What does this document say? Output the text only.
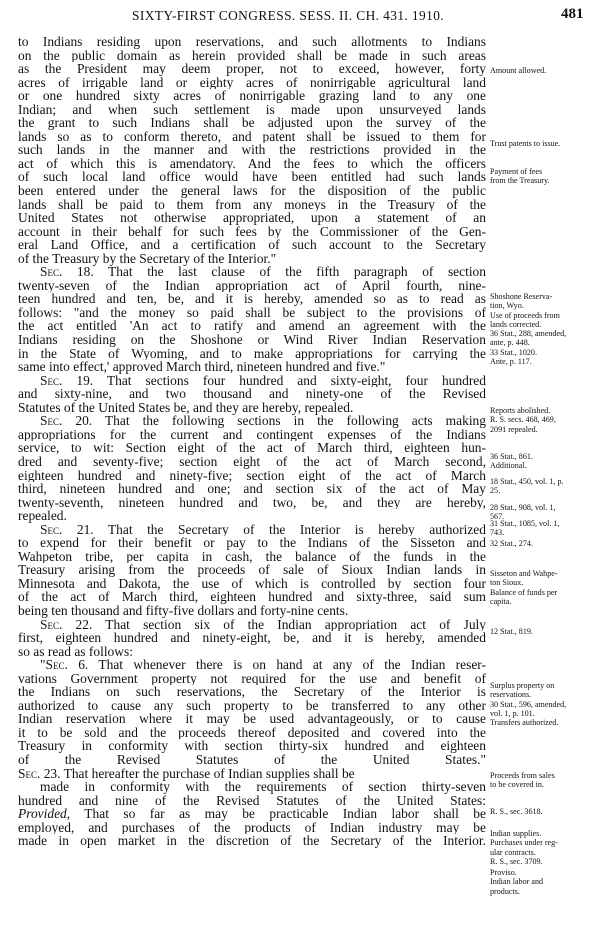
SIXTY-FIRST CONGRESS. SESS. II. CH. 431. 1910.	481
to Indians residing upon reservations, and such allotments to Indians
on the public domain as herein provided shall be made in such areas
as the President may deem proper, not to exceed, however, forty
acres of irrigable land or eighty acres of nonirrigable agricultural land
or one hundred sixty acres of nonirrigable grazing land to any one
Indian; and when such settlement is made upon unsurveyed lands
the grant to such Indians shall be adjusted upon the survey of the
lands so as to conform thereto, and patent shall be issued to them for
such lands in the manner and with the restrictions provided in the
act of which this is amendatory. And the fees to which the officers
of such local land office would have been entitled had such lands
been entered under the general laws for the disposition of the public
lands shall be paid to them from any moneys in the Treasury of the
United States not otherwise appropriated, upon a statement of an
account in their behalf for such fees by the Commissioner of the Gen-
eral Land Office, and a certification of such account to the Secretary
of the Treasury by the Secretary of the Interior."
Sec. 18. That the last clause of the fifth paragraph of section
twenty-seven of the Indian appropriation act of April fourth, nine-
teen hundred and ten, be, and it is hereby, amended so as to read as
follows: "and the money so paid shall be subject to the provisions of
the act entitled 'An act to ratify and amend an agreement with the
Indians residing on the Shoshone or Wind River Indian Reservation
in the State of Wyoming, and to make appropriations for carrying the
same into effect,' approved March third, nineteen hundred and five."
Sec. 19. That sections four hundred and sixty-eight, four hundred
and sixty-nine, and two thousand and ninety-one of the Revised
Statutes of the United States be, and they are hereby, repealed.
Sec. 20. That the following sections in the following acts making
appropriations for the current and contingent expenses of the Indians
service, to wit: Section eight of the act of March third, eighteen hun-
dred and seventy-five; section eight of the act of March second,
eighteen hundred and ninety-five; section eight of the act of March
third, nineteen hundred and one; and section six of the act of May
twenty-seventh, nineteen hundred and two, be, and they are hereby,
repealed.
Sec. 21. That the Secretary of the Interior is hereby authorized
to expend for their benefit or pay to the Indians of the Sisseton and
Wahpeton tribe, per capita in cash, the balance of the funds in the
Treasury arising from the proceeds of sale of Sioux Indian lands in
Minnesota and Dakota, the use of which is controlled by section four
of the act of March third, eighteen hundred and sixty-three, said sum
being ten thousand and fifty-five dollars and forty-nine cents.
Sec. 22. That section six of the Indian appropriation act of July
first, eighteen hundred and ninety-eight, be, and it is hereby, amended
so as read as follows:
"Sec. 6. That whenever there is on hand at any of the Indian reser-
vations Government property not required for the use and benefit of
the Indians on such reservations, the Secretary of the Interior is
authorized to cause any such property to be transferred to any other
Indian reservation where it may be used advantageously, or to cause
it to be sold and the proceeds thereof deposited and covered into the
Treasury in conformity with section thirty-six hundred and eighteen
of the Revised Statutes of the United States."
Sec. 23. That hereafter the purchase of Indian supplies shall be
made in conformity with the requirements of section thirty-seven
hundred and nine of the Revised Statutes of the United States:
Provided, That so far as may be practicable Indian labor shall be
employed, and purchases of the products of Indian industry may be
made in open market in the discretion of the Secretary of the Interior.
Amount allowed.
Trust patents to issue.
Payment of fees
from the Treasury.
Shoshone Reserva-
tion, Wyo.
Use of proceeds from
lands corrected.
36 Stat., 288, amended,
ante, p. 448.
33 Stat., 1020.
Ante, p. 117.
Reports abolished.
R. S. secs. 468, 469,
2091 repealed.
36 Stat., 861.
Additional.
18 Stat., 450, vol. 1, p.
25.
28 Stat., 908, vol. 1,
567.
31 Stat., 1085, vol. 1,
743.
32 Stat., 274.
Sisseton and Wahpe-
ton Sioux.
Balance of funds per
capita.
12 Stat., 819.
Surplus property on
reservations.
30 Stat., 596, amended,
vol. 1, p. 101.
Transfers authorized.
Proceeds from sales
to be covered in.
R. S., sec. 3618.
Indian supplies.
Purchases under reg-
ular contracts.
R. S., sec. 3709.
Proviso.
Indian labor and
products.
